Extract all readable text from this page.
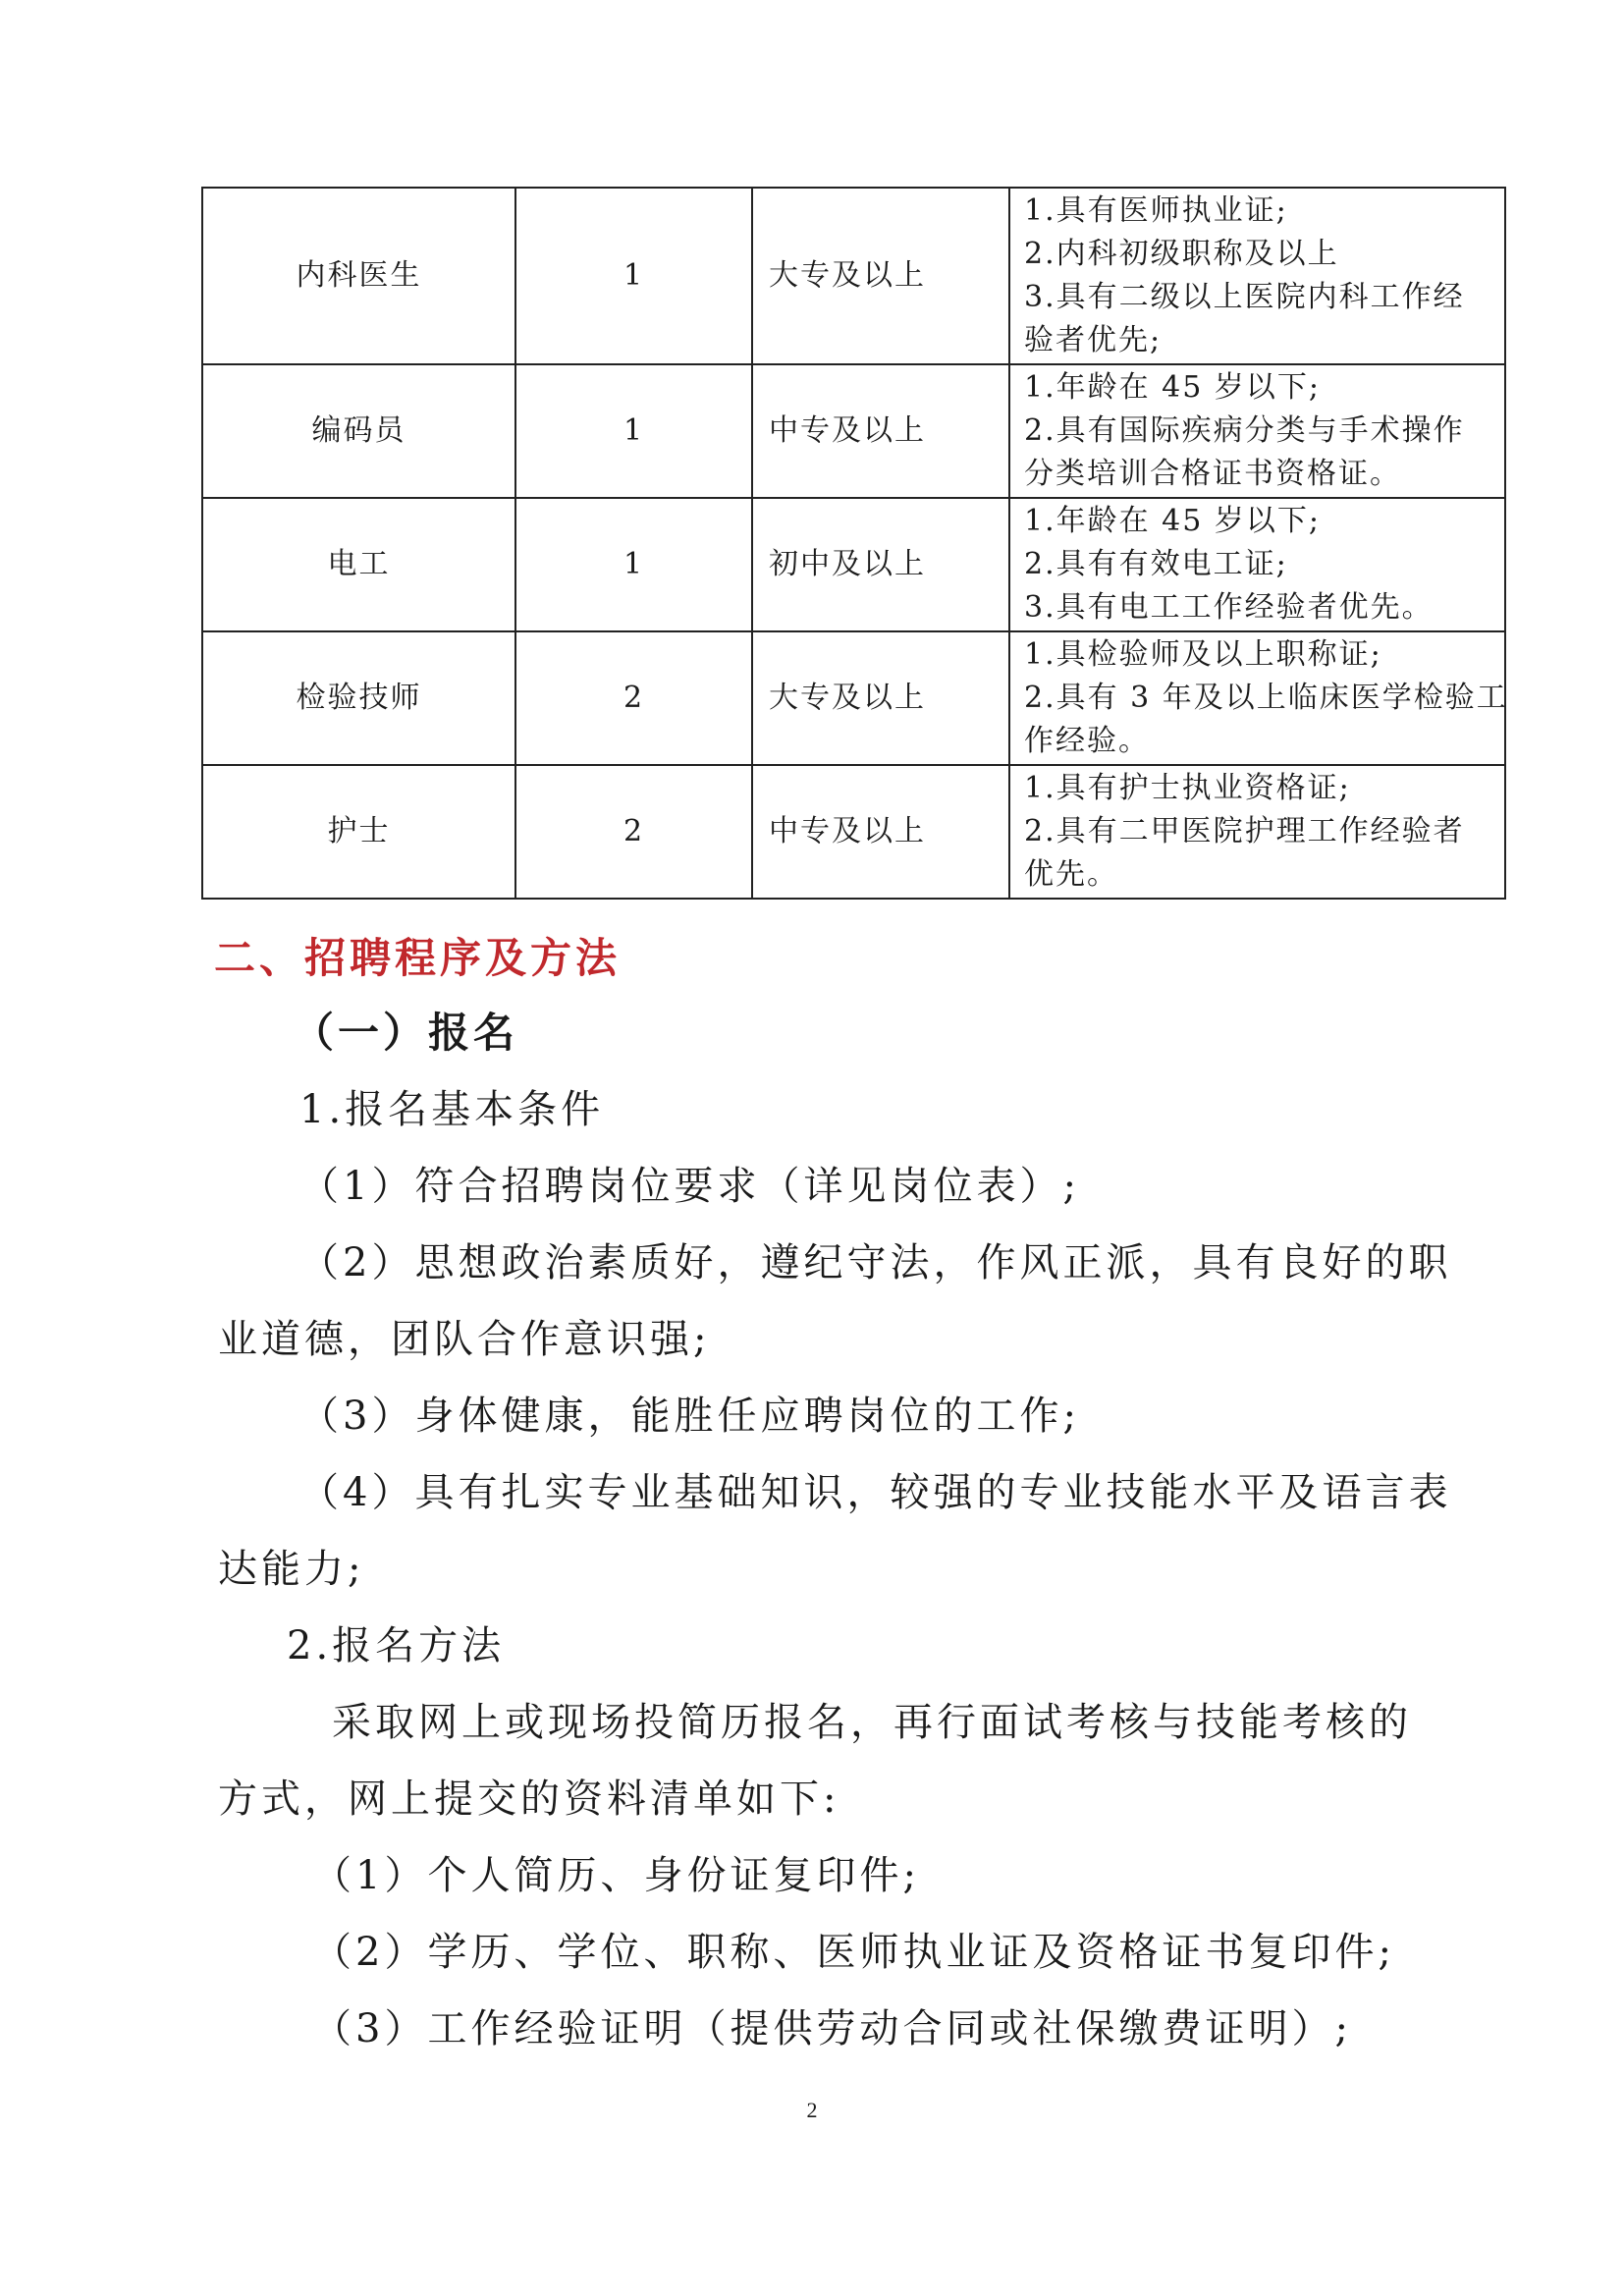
内科医生	1	大专及以上	1.具有医师执业证;
2.内科初级职称及以上
3.具有二级以上医院内科工作经
验者优先;

编码员	1	中专及以上	1.年龄在 45 岁以下;
2.具有国际疾病分类与手术操作
分类培训合格证书资格证。

电工	1	初中及以上	1.年龄在 45 岁以下;
2.具有有效电工证;
3.具有电工工作经验者优先。

检验技师	2	大专及以上	1.具检验师及以上职称证;
2.具有 3 年及以上临床医学检验工
作经验。

护士	2	中专及以上	1.具有护士执业资格证;
2.具有二甲医院护理工作经验者
优先。
二、招聘程序及方法
（一）报名
1.报名基本条件
（1）符合招聘岗位要求（详见岗位表）;
（2）思想政治素质好，遵纪守法，作风正派，具有良好的职
业道德，团队合作意识强;
（3）身体健康，能胜任应聘岗位的工作;
（4）具有扎实专业基础知识，较强的专业技能水平及语言表
达能力;
2.报名方法
采取网上或现场投简历报名，再行面试考核与技能考核的
方式，网上提交的资料清单如下:
（1）个人简历、身份证复印件;
（2）学历、学位、职称、医师执业证及资格证书复印件;
（3）工作经验证明（提供劳动合同或社保缴费证明）;
2
